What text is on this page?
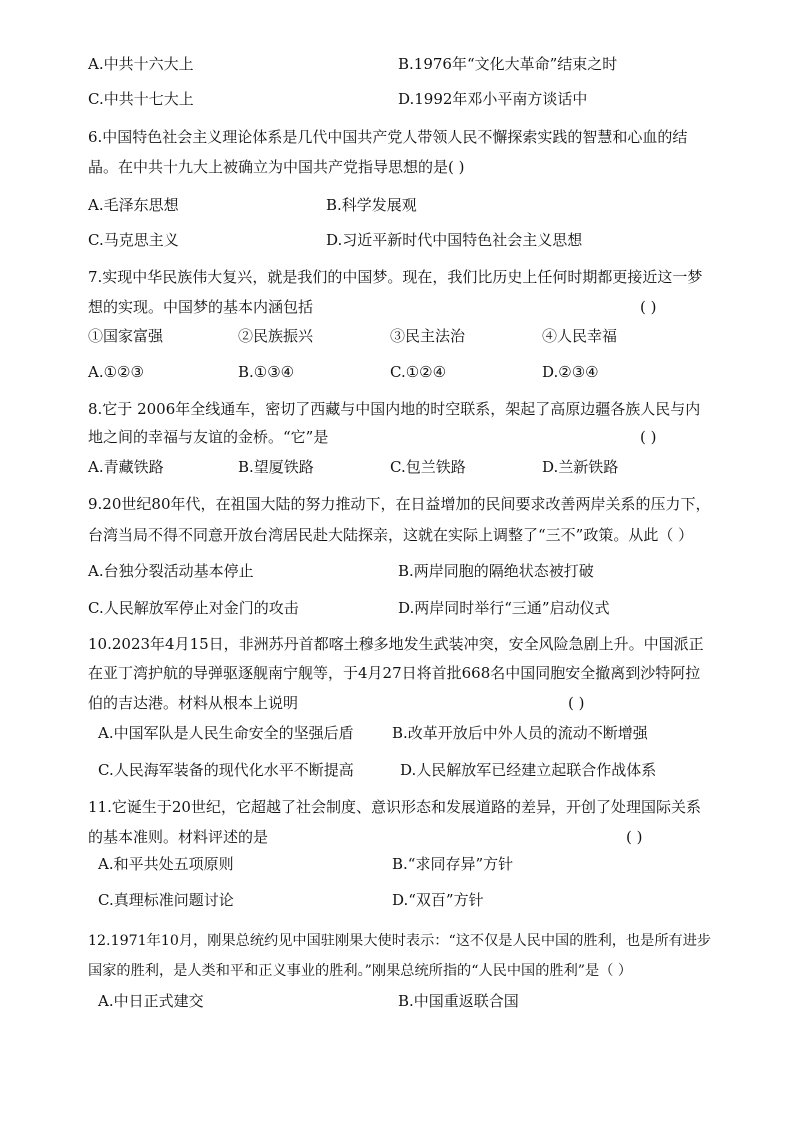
A.中共十六大上	B.1976年“文化大革命”结束之时
C.中共十七大上	D.1992年邓小平南方谈话中
6.中国特色社会主义理论体系是几代中国共产党人带领人民不懈探索实践的智慧和心血的结
晶。在中共十九大上被确立为中国共产党指导思想的是( )
A.毛泽东思想	B.科学发展观
C.马克思主义	D.习近平新时代中国特色社会主义思想
7.实现中华民族伟大复兴，就是我们的中国梦。现在，我们比历史上任何时期都更接近这一梦
想的实现。中国梦的基本内涵包括	( )
①国家富强	②民族振兴	③民主法治	④人民幸福
A.①②③	B.①③④	C.①②④	D.②③④
8.它于 2006年全线通车，密切了西藏与中国内地的时空联系，架起了高原边疆各族人民与内
地之间的幸福与友谊的金桥。“它”是	( )
A.青藏铁路	B.望厦铁路	C.包兰铁路	D.兰新铁路
9.20世纪80年代，在祖国大陆的努力推动下，在日益增加的民间要求改善两岸关系的压力下，
台湾当局不得不同意开放台湾居民赴大陆探亲，这就在实际上调整了“三不”政策。从此（ ）
A.台独分裂活动基本停止	B.两岸同胞的隔绝状态被打破
C.人民解放军停止对金门的攻击	D.两岸同时举行“三通”启动仪式
10.2023年4月15日，非洲苏丹首都喀土穆多地发生武装冲突，安全风险急剧上升。中国派正
在亚丁湾护航的导弹驱逐舰南宁舰等，于4月27日将首批668名中国同胞安全撤离到沙特阿拉
伯的吉达港。材料从根本上说明	( )
A.中国军队是人民生命安全的坚强后盾	B.改革开放后中外人员的流动不断增强
C.人民海军装备的现代化水平不断提高	D.人民解放军已经建立起联合作战体系
11.它诞生于20世纪，它超越了社会制度、意识形态和发展道路的差异，开创了处理国际关系
的基本准则。材料评述的是	( )
A.和平共处五项原则	B.“求同存异”方针
C.真理标准问题讨论	D.“双百”方针
12.1971年10月，刚果总统约见中国驻刚果大使时表示：“这不仅是人民中国的胜利，也是所有进步
国家的胜利，是人类和平和正义事业的胜利。”刚果总统所指的“人民中国的胜利”是（ ）
A.中日正式建交	B.中国重返联合国
